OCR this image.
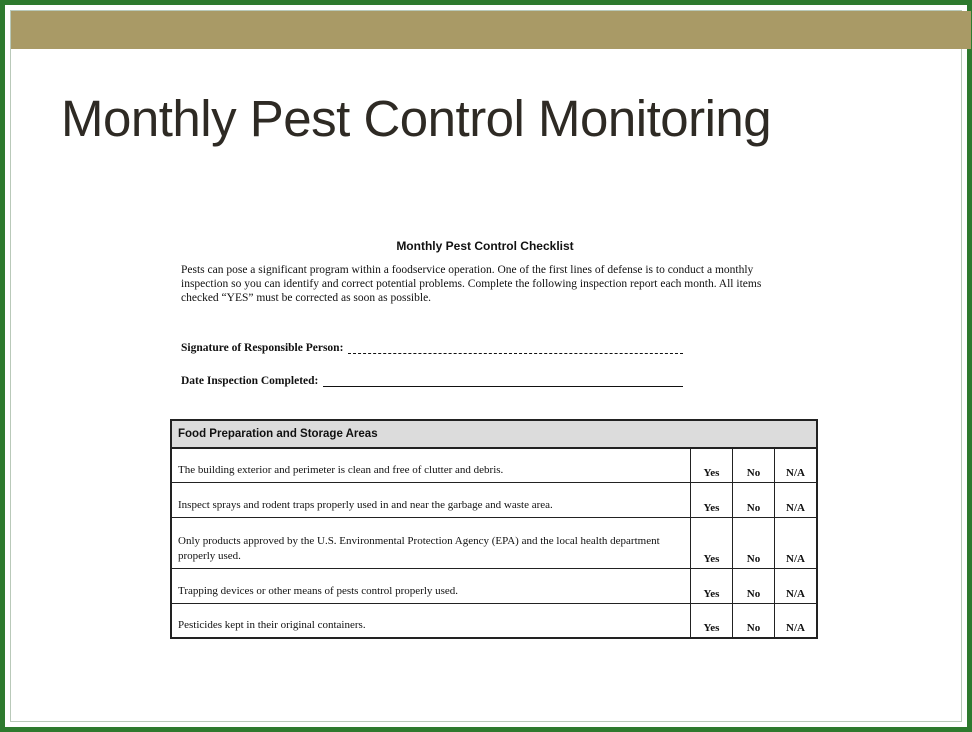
Monthly Pest Control Monitoring
Monthly Pest Control Checklist

Pests can pose a significant program within a foodservice operation. One of the first lines of defense is to conduct a monthly inspection so you can identify and correct potential problems. Complete the following inspection report each month. All items checked “YES” must be corrected as soon as possible.

Signature of Responsible Person:
Date Inspection Completed:
Food Preparation and Storage Areas			
The building exterior and perimeter is clean and free of clutter and debris.	Yes	No	N/A
Inspect sprays and rodent traps properly used in and near the garbage and waste area.	Yes	No	N/A
Only products approved by the U.S. Environmental Protection Agency (EPA) and the local health department properly used.	Yes	No	N/A
Trapping devices or other means of pests control properly used.	Yes	No	N/A
Pesticides kept in their original containers.	Yes	No	N/A
